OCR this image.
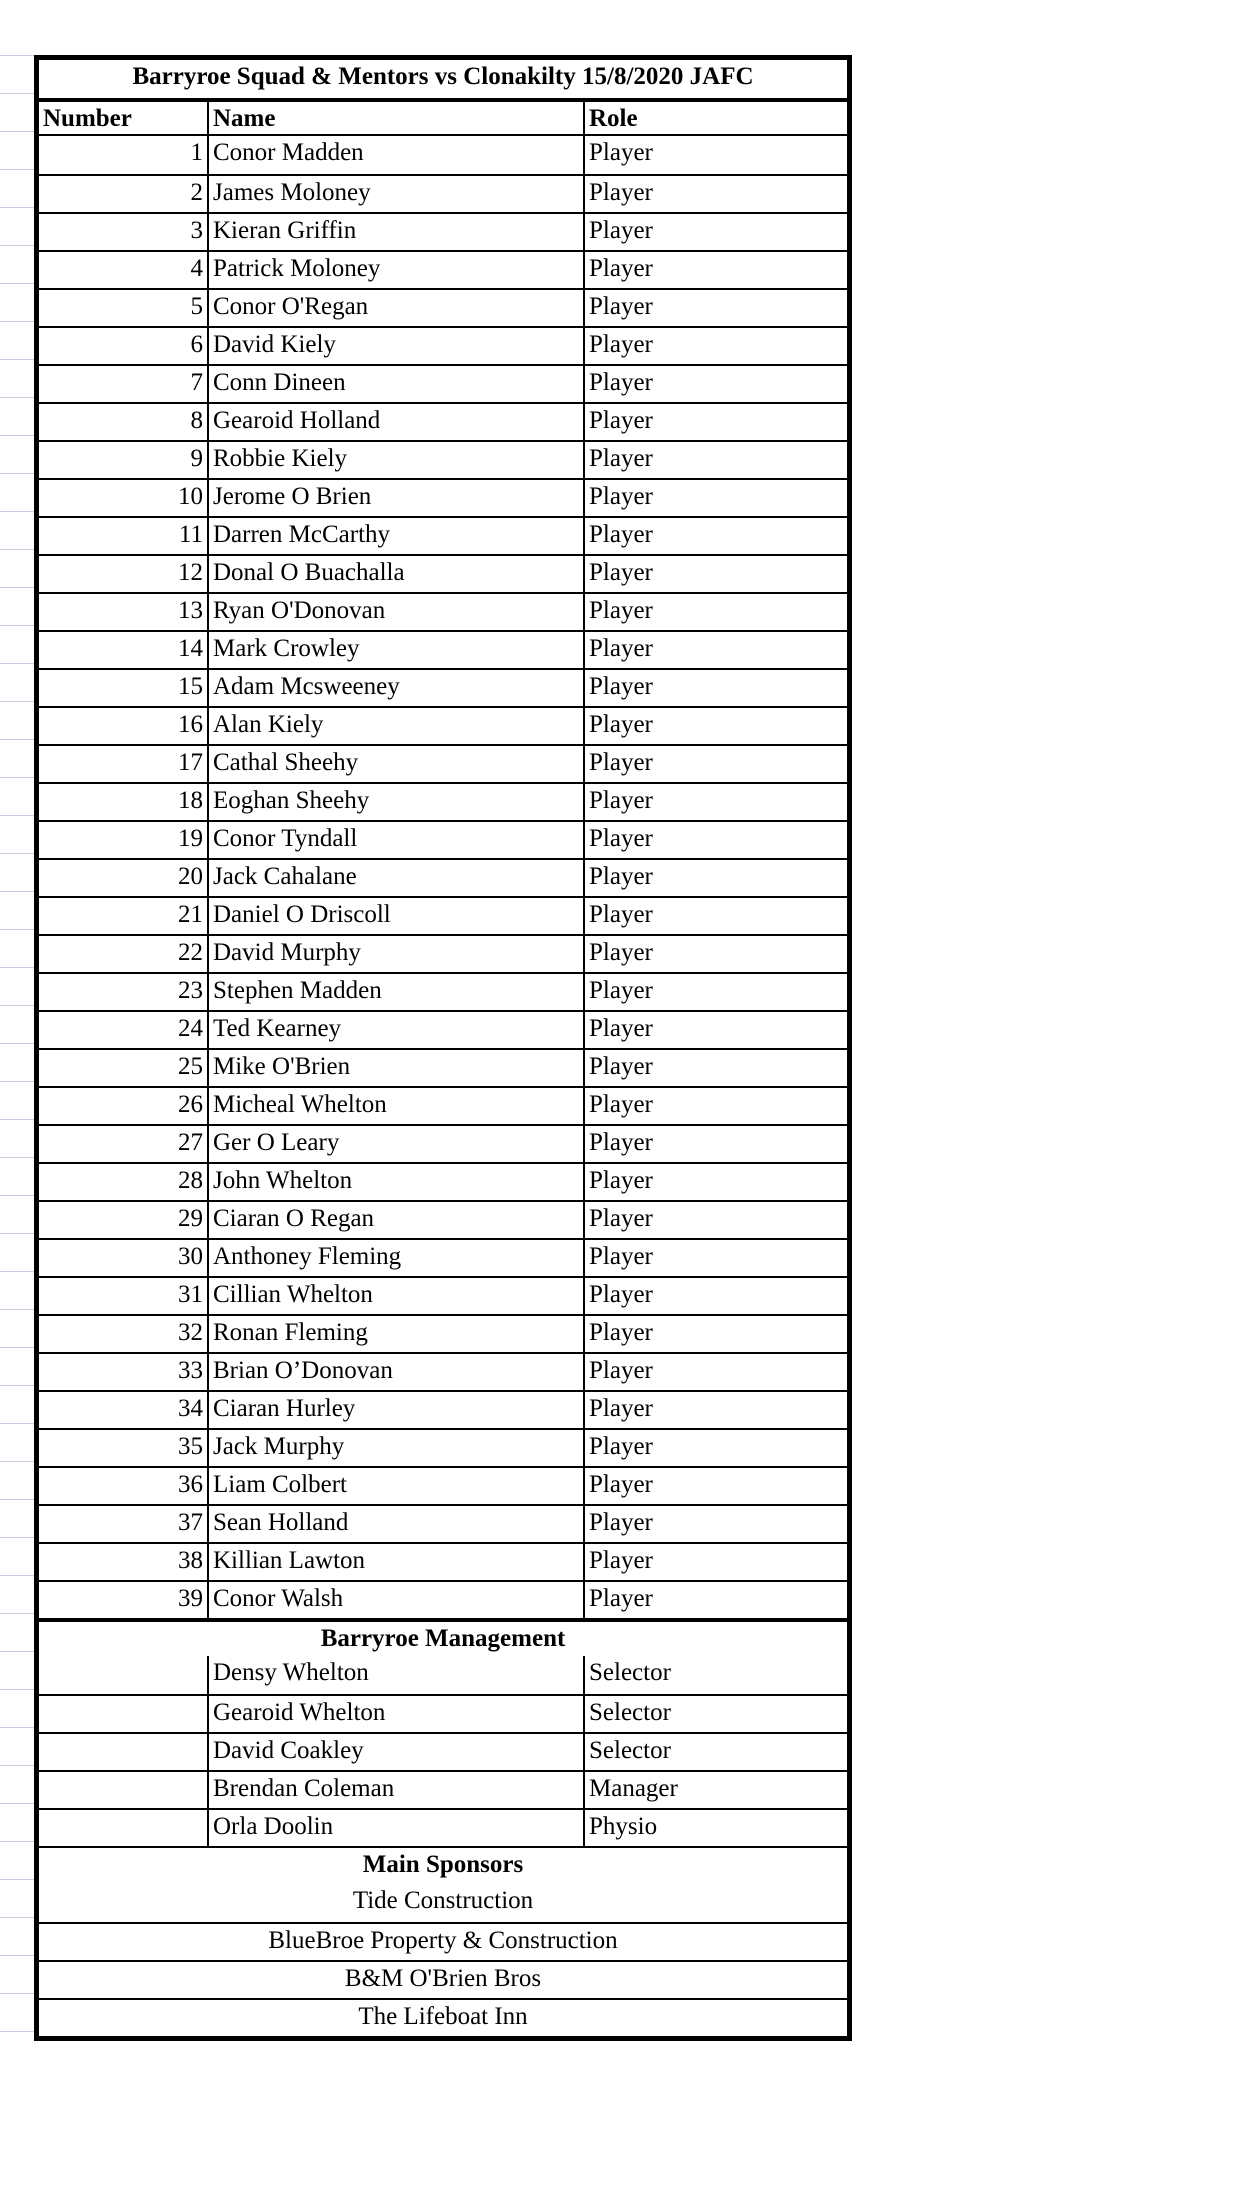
Barryroe Squad & Mentors vs Clonakilty 15/8/2020 JAFC
Number	Name	Role
1 Conor Madden	Player
2 James Moloney	Player
3 Kieran Griffin	Player
4 Patrick Moloney	Player
5 Conor O'Regan	Player
6 David Kiely	Player
7 Conn Dineen	Player
8 Gearoid Holland	Player
9 Robbie Kiely	Player
10 Jerome O Brien	Player
11 Darren McCarthy	Player
12 Donal O Buachalla	Player
13 Ryan O'Donovan	Player
14 Mark Crowley	Player
15 Adam Mcsweeney	Player
16 Alan Kiely	Player
17 Cathal Sheehy	Player
18 Eoghan Sheehy	Player
19 Conor Tyndall	Player
20 Jack Cahalane	Player
21 Daniel O Driscoll	Player
22 David Murphy	Player
23 Stephen Madden	Player
24 Ted Kearney	Player
25 Mike O'Brien	Player
26 Micheal Whelton	Player
27 Ger O Leary	Player
28 John Whelton	Player
29 Ciaran O Regan	Player
30 Anthoney Fleming	Player
31 Cillian Whelton	Player
32 Ronan Fleming	Player
33 Brian O’Donovan	Player
34 Ciaran Hurley	Player
35 Jack Murphy	Player
36 Liam Colbert	Player
37 Sean Holland	Player
38 Killian Lawton	Player
39 Conor Walsh	Player
Barryroe Management
Densy Whelton	Selector
Gearoid Whelton	Selector
David Coakley	Selector
Brendan Coleman	Manager
Orla Doolin	Physio
Main Sponsors
Tide Construction
BlueBroe Property & Construction
B&M O'Brien Bros
The Lifeboat Inn
